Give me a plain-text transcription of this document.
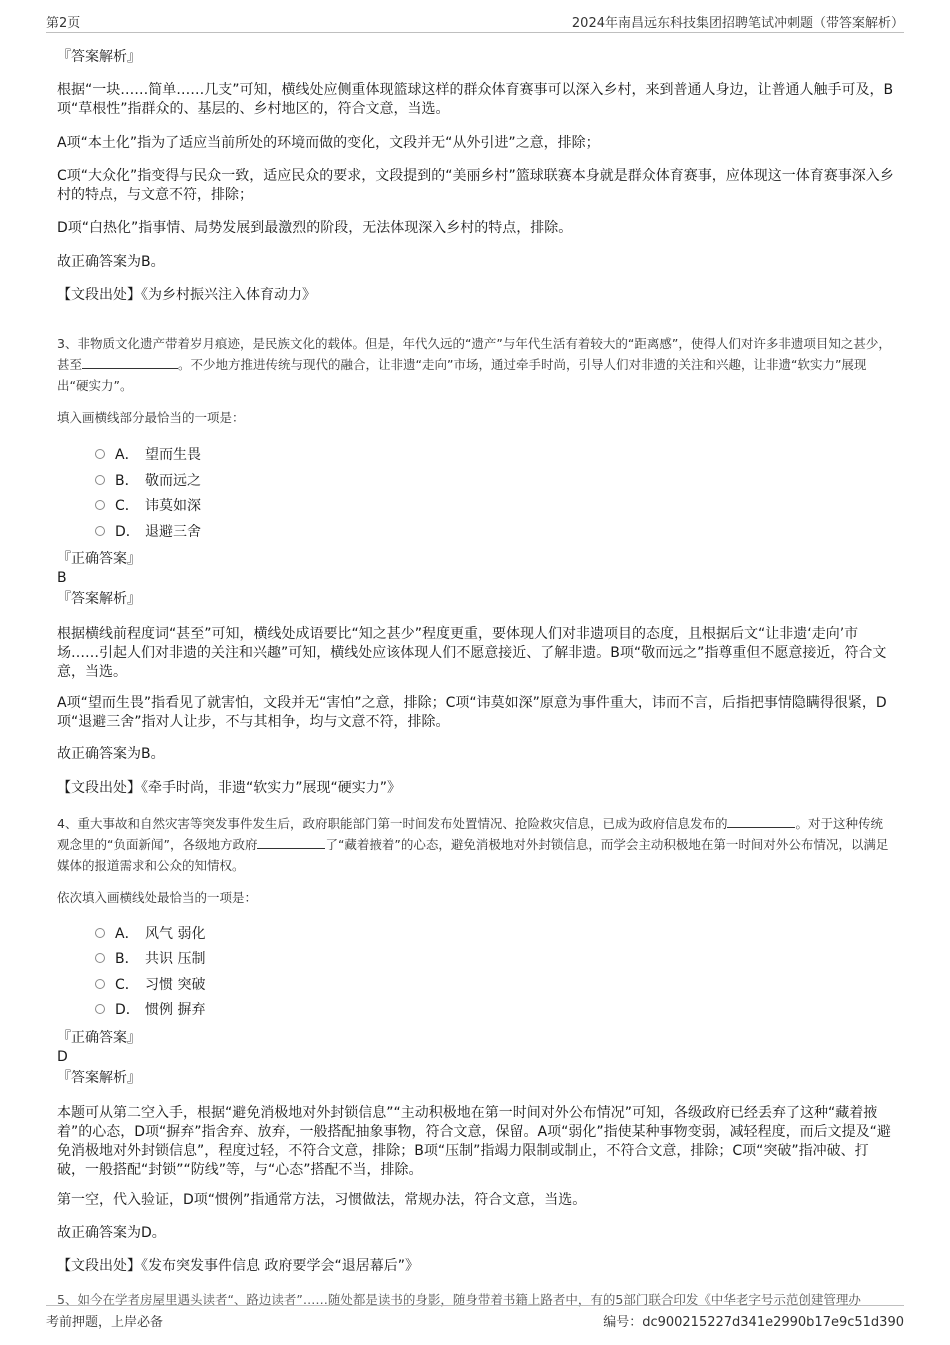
第2页	2024年南昌远东科技集团招聘笔试冲刺题（带答案解析）
『答案解析』
根据“一块……简单……几支”可知，横线处应侧重体现篮球这样的群众体育赛事可以深入乡村，来到普通人身边，让普通人触手可及，B项“草根性”指群众的、基层的、乡村地区的，符合文意，当选。
A项“本土化”指为了适应当前所处的环境而做的变化，文段并无“从外引进”之意，排除；
C项“大众化”指变得与民众一致，适应民众的要求，文段提到的“美丽乡村”篮球联赛本身就是群众体育赛事，应体现这一体育赛事深入乡村的特点，与文意不符，排除；
D项“白热化”指事情、局势发展到最激烈的阶段，无法体现深入乡村的特点，排除。
故正确答案为B。
【文段出处】《为乡村振兴注入体育动力》
3、非物质文化遗产带着岁月痕迹，是民族文化的载体。但是，年代久远的“遗产”与年代生活有着较大的“距离感”，使得人们对许多非遗项目知之甚少，甚至	。不少地方推进传统与现代的融合，让非遗“走向”市场，通过牵手时尚，引导人们对非遗的关注和兴趣，让非遗“软实力”展现出“硬实力”。
填入画横线部分最恰当的一项是：
A． 望而生畏
B． 敬而远之
C． 讳莫如深
D． 退避三舍
『正确答案』
B
『答案解析』
根据横线前程度词“甚至”可知，横线处成语要比“知之甚少”程度更重，要体现人们对非遗项目的态度，且根据后文“让非遗‘走向’市场……引起人们对非遗的关注和兴趣”可知，横线处应该体现人们不愿意接近、了解非遗。B项“敬而远之”指尊重但不愿意接近，符合文意，当选。
A项“望而生畏”指看见了就害怕，文段并无“害怕”之意，排除；C项“讳莫如深”原意为事件重大，讳而不言，后指把事情隐瞒得很紧，D项“退避三舍”指对人让步，不与其相争，均与文意不符，排除。
故正确答案为B。
【文段出处】《牵手时尚，非遗“软实力”展现“硬实力”》
4、重大事故和自然灾害等突发事件发生后，政府职能部门第一时间发布处置情况、抢险救灾信息，已成为政府信息发布的	。对于这种传统观念里的“负面新闻”，各级地方政府	了“藏着掖着”的心态，避免消极地对外封锁信息，而学会主动积极地在第一时间对外公布情况，以满足媒体的报道需求和公众的知情权。
依次填入画横线处最恰当的一项是：
A． 风气 弱化
B． 共识 压制
C． 习惯 突破
D． 惯例 摒弃
『正确答案』
D
『答案解析』
本题可从第二空入手，根据“避免消极地对外封锁信息”“主动积极地在第一时间对外公布情况”可知，各级政府已经丢弃了这种“藏着掖着”的心态，D项“摒弃”指舍弃、放弃，一般搭配抽象事物，符合文意，保留。A项“弱化”指使某种事物变弱，减轻程度，而后文提及“避免消极地对外封锁信息”，程度过轻，不符合文意，排除；B项“压制”指竭力限制或制止，不符合文意，排除；C项“突破”指冲破、打破，一般搭配“封锁”“防线”等，与“心态”搭配不当，排除。
第一空，代入验证，D项“惯例”指通常方法，习惯做法，常规办法，符合文意，当选。
故正确答案为D。
【文段出处】《发布突发事件信息 政府要学会“退居幕后”》
5、如今在学者房屋里遇头读者“、路边读者”……随处都是读书的身影，随身带着书籍上路者中，有的5部门联合印发《中华老字号示范创建管理办
考前押题，上岸必备	编号：dc900215227d341e2990b17e9c51d390
